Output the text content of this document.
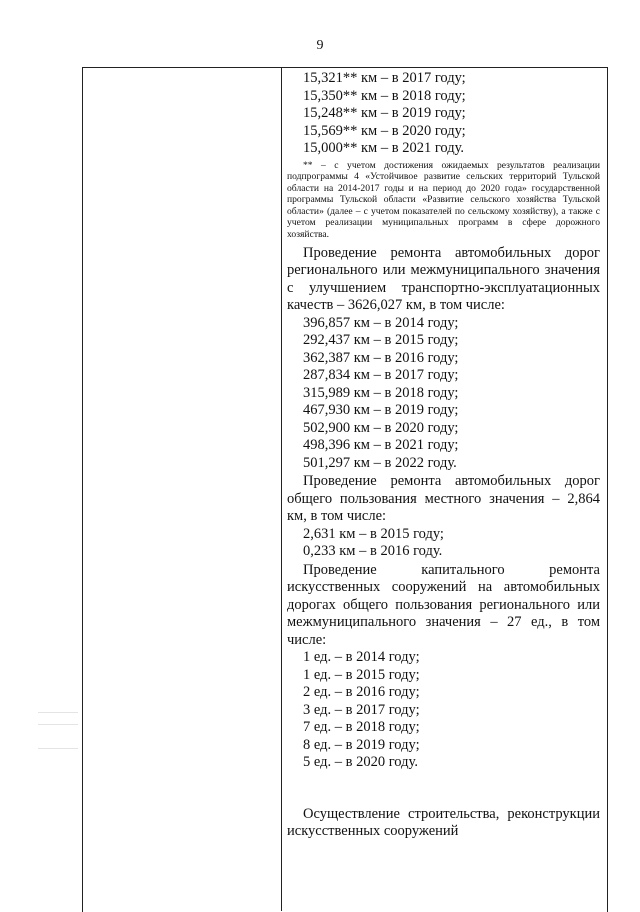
9
15,321** км – в 2017 году;
15,350** км – в 2018 году;
15,248** км – в 2019 году;
15,569** км – в 2020 году;
15,000** км – в 2021 году.

** – с учетом достижения ожидаемых результатов реализации подпрограммы 4 «Устойчивое развитие сельских территорий Тульской области на 2014-2017 годы и на период до 2020 года» государственной программы Тульской области «Развитие сельского хозяйства Тульской области» (далее – с учетом показателей по сельскому хозяйству), а также с учетом реализации муниципальных программ в сфере дорожного хозяйства.

Проведение ремонта автомобильных дорог регионального или межмуниципального значения с улучшением транспортно-эксплуатационных качеств – 3626,027 км, в том числе:

396,857 км – в 2014 году;
292,437 км – в 2015 году;
362,387 км – в 2016 году;
287,834 км – в 2017 году;
315,989 км – в 2018 году;
467,930 км – в 2019 году;
502,900 км – в 2020 году;
498,396 км – в 2021 году;
501,297 км – в 2022 году.

Проведение ремонта автомобильных дорог общего пользования местного значения – 2,864 км, в том числе:

2,631 км – в 2015 году;
0,233 км – в 2016 году.

Проведение капитального ремонта искусственных сооружений на автомобильных дорогах общего пользования регионального или межмуниципального значения – 27 ед., в том числе:

1 ед. – в 2014 году;
1 ед. – в 2015 году;
2 ед. – в 2016 году;
3 ед. – в 2017 году;
7 ед. – в 2018 году;
8 ед. – в 2019 году;
5 ед. – в 2020 году.

Осуществление строительства, реконструкции искусственных сооружений
